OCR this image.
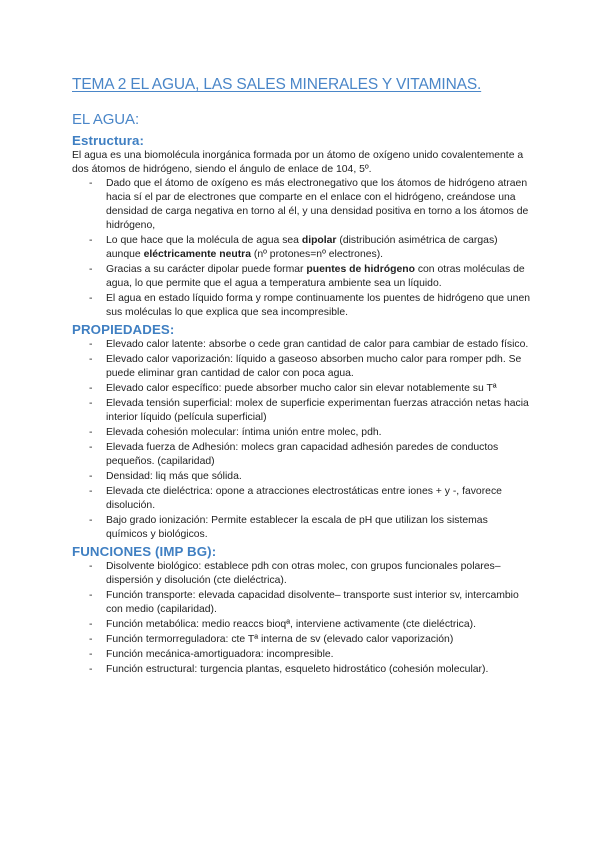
TEMA 2 EL AGUA, LAS SALES MINERALES Y VITAMINAS.
EL AGUA:
Estructura:

El agua es una biomolécula inorgánica formada por un átomo de oxígeno unido covalentemente a dos átomos de hidrógeno, siendo el ángulo de enlace de 104, 5º.

- Dado que el átomo de oxígeno es más electronegativo que los átomos de hidrógeno atraen hacia sí el par de electrones que comparte en el enlace con el hidrógeno, creándose una densidad de carga negativa en torno al él, y una densidad positiva en torno a los átomos de hidrógeno,
- Lo que hace que la molécula de agua sea dipolar (distribución asimétrica de cargas) aunque eléctricamente neutra (nº protones=nº electrones).
- Gracias a su carácter dipolar puede formar puentes de hidrógeno con otras moléculas de agua, lo que permite que el agua a temperatura ambiente sea un líquido.
- El agua en estado líquido forma y rompe continuamente los puentes de hidrógeno que unen sus moléculas lo que explica que sea incompresible.
PROPIEDADES:
- Elevado calor latente: absorbe o cede gran cantidad de calor para cambiar de estado físico.
- Elevado calor vaporización: líquido a gaseoso absorben mucho calor para romper pdh. Se puede eliminar gran cantidad de calor con poca agua.
- Elevado calor específico: puede absorber mucho calor sin elevar notablemente su Tª
- Elevada tensión superficial: molex de superficie experimentan fuerzas atracción netas hacia interior líquido (película superficial)
- Elevada cohesión molecular: íntima unión entre molec, pdh.
- Elevada fuerza de Adhesión: molecs gran capacidad adhesión paredes de conductos pequeños. (capilaridad)
- Densidad: liq más que sólida.
- Elevada cte dieléctrica: opone a atracciones electrostáticas entre iones + y -, favorece disolución.
- Bajo grado ionización: Permite establecer la escala de pH que utilizan los sistemas químicos y biológicos.
FUNCIONES (IMP BG):
- Disolvente biológico: establece pdh con otras molec, con grupos funcionales polares–dispersión y disolución (cte dieléctrica).
- Función transporte: elevada capacidad disolvente– transporte sust interior sv, intercambio con medio (capilaridad).
- Función metabólica: medio reaccs bioqª, interviene activamente (cte dieléctrica).
- Función termorreguladora: cte Tª interna de sv (elevado calor vaporización)
- Función mecánica-amortiguadora: incompresible.
- Función estructural: turgencia plantas, esqueleto hidrostático (cohesión molecular).
